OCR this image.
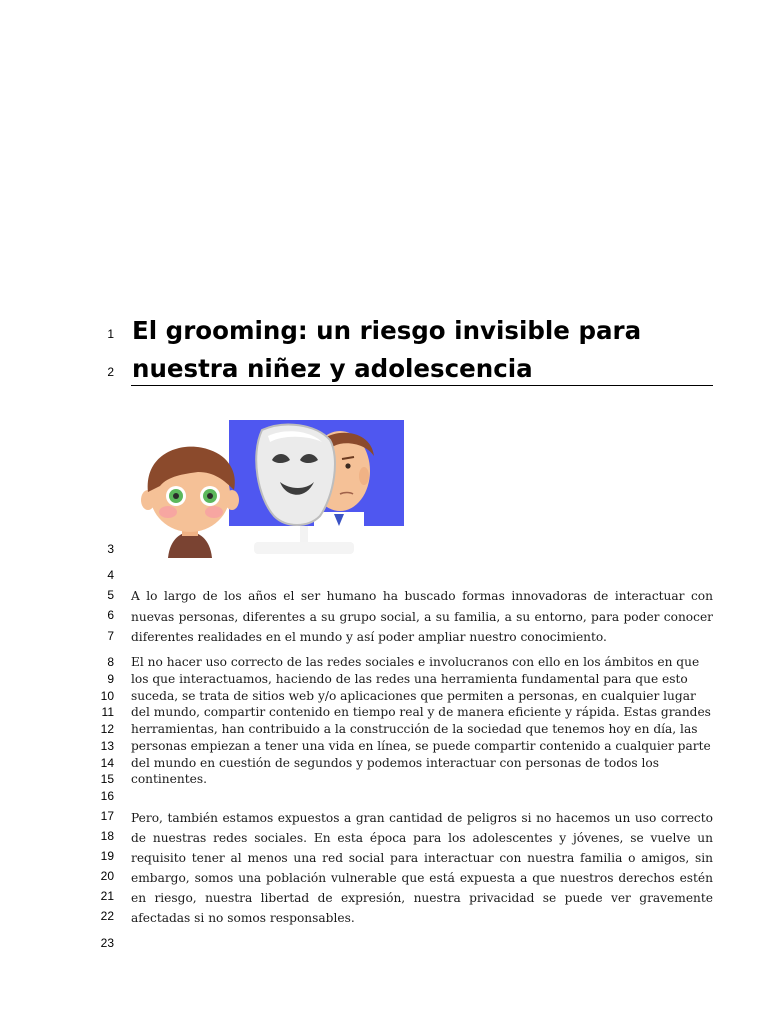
1
2
3
4
5
6
7
8
9
10
11
12
13
14
15
16
17
18
19
20
21
22
23
El grooming: un riesgo invisible para
nuestra niñez y adolescencia

A lo largo de los años el ser humano ha buscado formas innovadoras de interactuar con nuevas personas, diferentes a su grupo social, a su familia, a su entorno, para poder conocer diferentes realidades en el mundo y así poder ampliar nuestro conocimiento.

El no hacer uso correcto de las redes sociales e involucranos con ello en los ámbitos en que los que interactuamos, haciendo de las redes una herramienta fundamental para que esto suceda, se trata de sitios web y/o aplicaciones que permiten a personas, en cualquier lugar del mundo, compartir contenido en tiempo real y de manera eficiente y rápida. Estas grandes herramientas, han contribuido a la construcción de la sociedad que tenemos hoy en día, las personas empiezan a tener una vida en línea, se puede compartir contenido a cualquier parte del mundo en cuestión de segundos y podemos interactuar con personas de todos los continentes.

Pero, también estamos expuestos a gran cantidad de peligros si no hacemos un uso correcto de nuestras redes sociales. En esta época para los adolescentes y jóvenes, se vuelve un requisito tener al menos una red social para interactuar con nuestra familia o amigos, sin embargo, somos una población vulnerable que está expuesta a que nuestros derechos estén en riesgo, nuestra libertad de expresión, nuestra privacidad se puede ver gravemente afectadas si no somos responsables.
